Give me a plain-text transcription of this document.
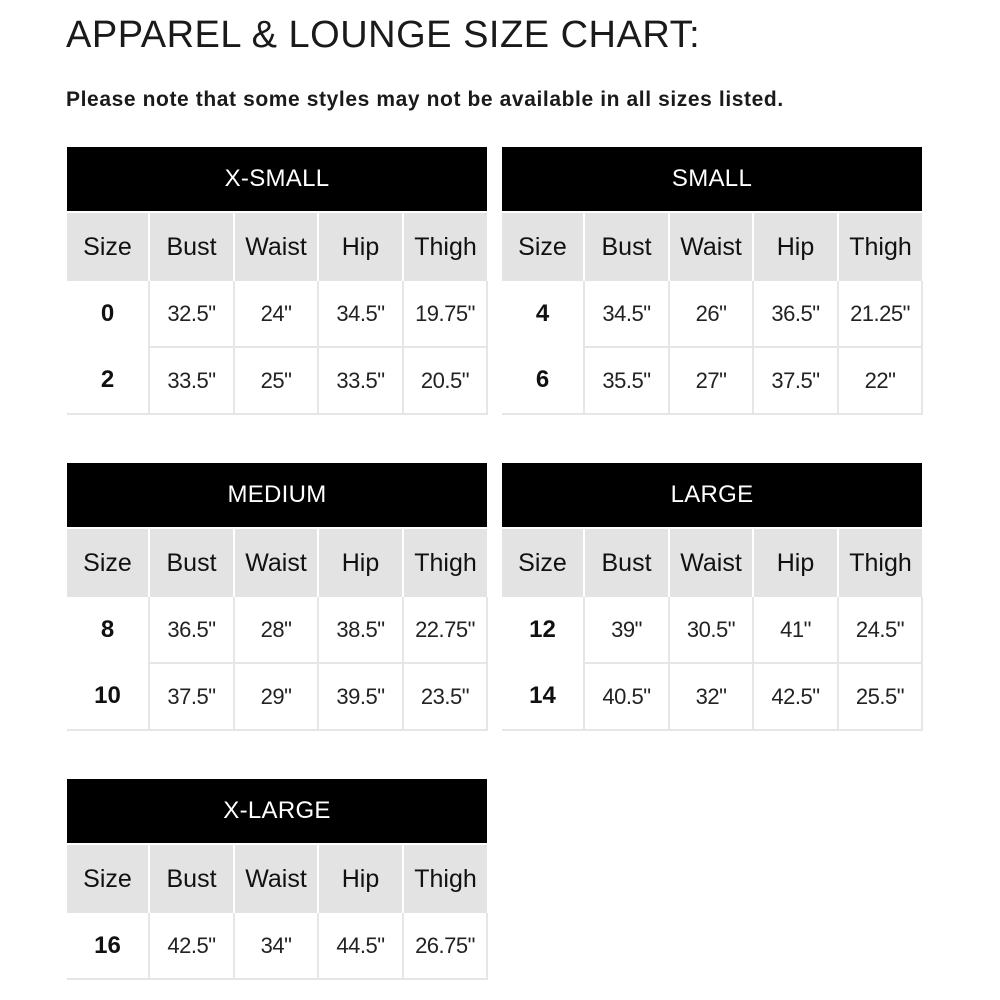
APPAREL & LOUNGE SIZE CHART:
Please note that some styles may not be available in all sizes listed.
X-SMALL
Size	Bust	Waist	Hip	Thigh
0	32.5"	24"	34.5"	19.75"
2	33.5"	25"	33.5"	20.5"
SMALL
Size	Bust	Waist	Hip	Thigh
4	34.5"	26"	36.5"	21.25"
6	35.5"	27"	37.5"	22"
MEDIUM
Size	Bust	Waist	Hip	Thigh
8	36.5"	28"	38.5"	22.75"
10	37.5"	29"	39.5"	23.5"
LARGE
Size	Bust	Waist	Hip	Thigh
12	39"	30.5"	41"	24.5"
14	40.5"	32"	42.5"	25.5"
X-LARGE
Size	Bust	Waist	Hip	Thigh
16	42.5"	34"	44.5"	26.75"
